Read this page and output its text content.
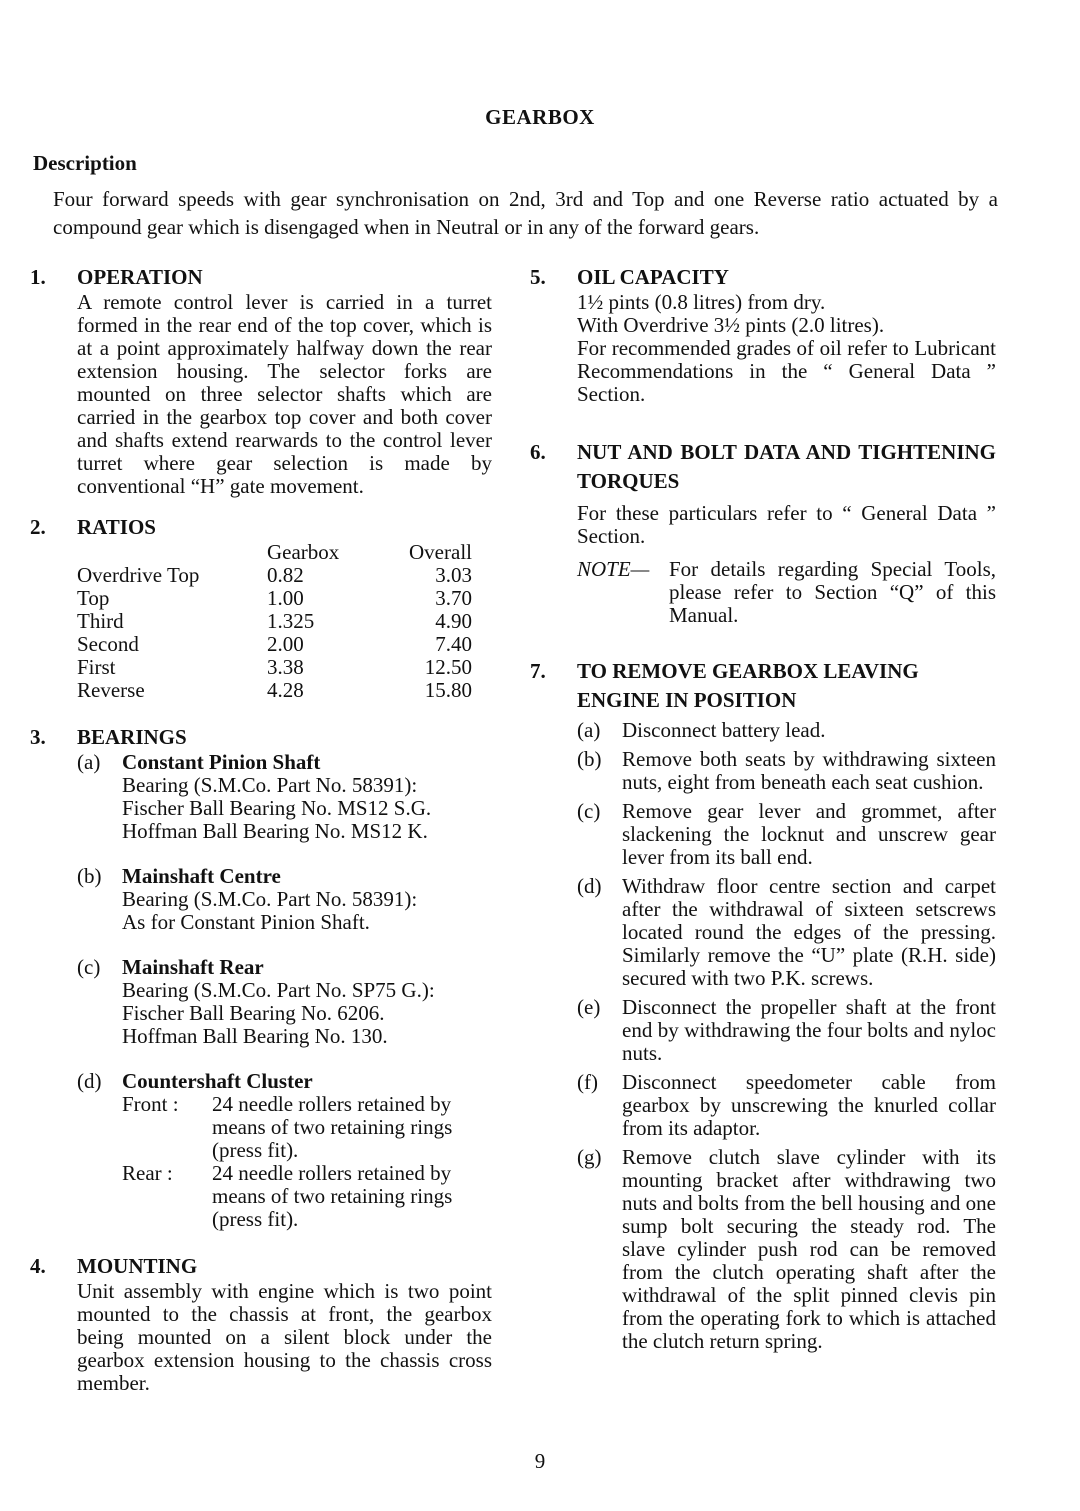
GEARBOX
Description
Four forward speeds with gear synchronisation on 2nd, 3rd and Top and one Reverse ratio actuated by a compound gear which is disengaged when in Neutral or in any of the forward gears.
1.	OPERATION
A remote control lever is carried in a turret formed in the rear end of the top cover, which is at a point approximately halfway down the rear extension housing. The selector forks are mounted on three selector shafts which are carried in the gearbox top cover and both cover and shafts extend rearwards to the control lever turret where gear selection is made by conventional “H” gate movement.
2.	RATIOS
	Gearbox	Overall
Overdrive Top	0.82	3.03
Top	1.00	3.70
Third	1.325	4.90
Second	2.00	7.40
First	3.38	12.50
Reverse	4.28	15.80
3.	BEARINGS
(a)	Constant Pinion Shaft
Bearing (S.M.Co. Part No. 58391):
Fischer Ball Bearing No. MS12 S.G.
Hoffman Ball Bearing No. MS12 K.
(b) Mainshaft Centre
Bearing (S.M.Co. Part No. 58391):
As for Constant Pinion Shaft.
(c)	Mainshaft Rear
Bearing (S.M.Co. Part No. SP75 G.):
Fischer Ball Bearing No. 6206.
Hoffman Ball Bearing No. 130.
(d) Countershaft Cluster
Front :	24 needle rollers retained by means of two retaining rings (press fit).
Rear :	24 needle rollers retained by means of two retaining rings (press fit).
4.	MOUNTING
Unit assembly with engine which is two point mounted to the chassis at front, the gearbox being mounted on a silent block under the gearbox extension housing to the chassis cross member.
5.	OIL CAPACITY
1½ pints (0.8 litres) from dry.
With Overdrive 3½ pints (2.0 litres).
For recommended grades of oil refer to Lubricant Recommendations in the “ General Data ” Section.
6.	NUT AND BOLT DATA AND TIGHTENING TORQUES
For these particulars refer to “ General Data ” Section.
NOTE— For details regarding Special Tools, please refer to Section “Q” of this Manual.
7.	TO REMOVE GEARBOX LEAVING ENGINE IN POSITION
(a)	Disconnect battery lead.
(b) Remove both seats by withdrawing sixteen nuts, eight from beneath each seat cushion.
(c)	Remove gear lever and grommet, after slackening the locknut and unscrew gear lever from its ball end.
(d) Withdraw floor centre section and carpet after the withdrawal of sixteen setscrews located round the edges of the pressing. Similarly remove the “U” plate (R.H. side) secured with two P.K. screws.
(e)	Disconnect the propeller shaft at the front end by withdrawing the four bolts and nyloc nuts.
(f)	Disconnect speedometer cable from gearbox by unscrewing the knurled collar from its adaptor.
(g) Remove clutch slave cylinder with its mounting bracket after withdrawing two nuts and bolts from the bell housing and one sump bolt securing the steady rod. The slave cylinder push rod can be removed from the clutch operating shaft after the withdrawal of the split pinned clevis pin from the operating fork to which is attached the clutch return spring.
9
